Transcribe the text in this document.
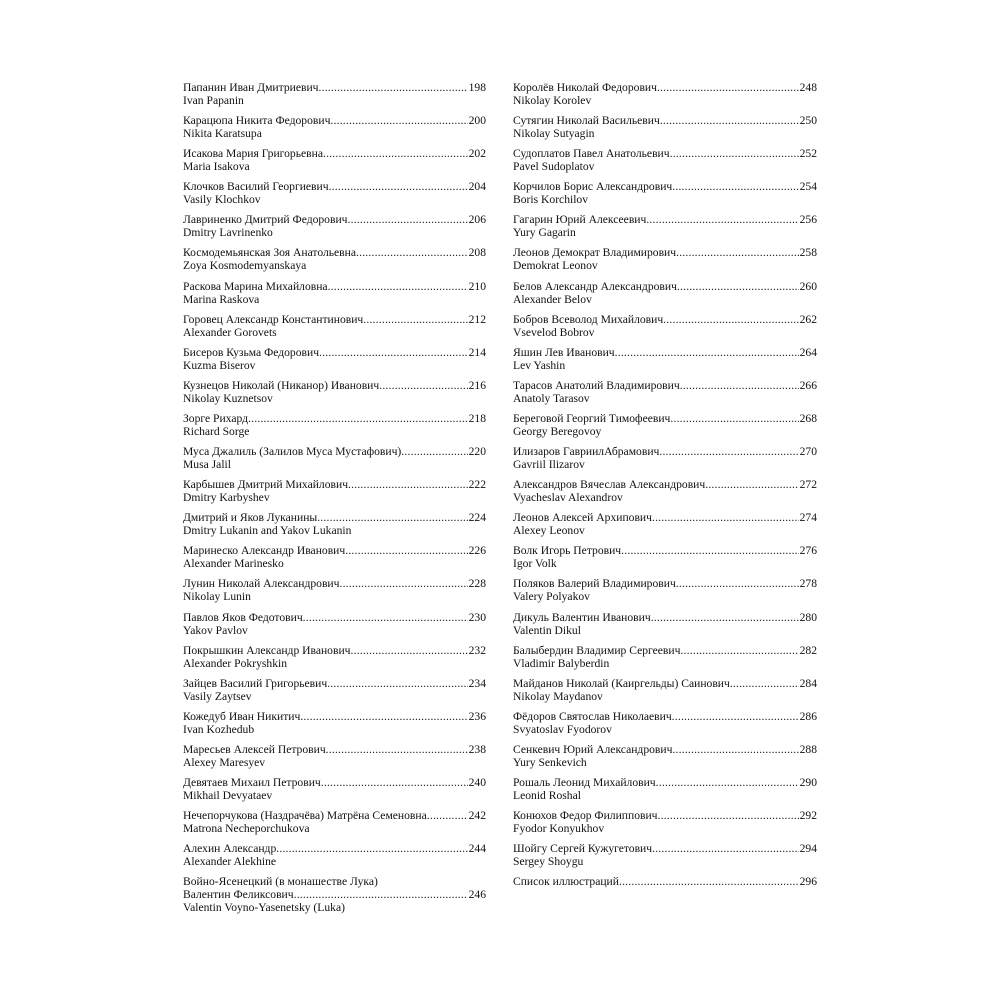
Папанин Иван Дмитриевич .....	198
Ivan Papanin
Карацюпа Никита Федорович .....	200
Nikita Karatsupa
Исакова Мария Григорьевна .....	202
Maria Isakova
Клочков Василий Георгиевич .....	204
Vasily Klochkov
Лавриненко Дмитрий Федорович .....	206
Dmitry Lavrinenko
Космодемьянская Зоя Анатольевна .....	208
Zoya Kosmodemyanskaya
Раскова Марина Михайловна .....	210
Marina Raskova
Горовец Александр Константинович .....	212
Alexander Gorovets
Бисеров Кузьма Федорович .....	214
Kuzma Biserov
Кузнецов Николай (Никанор) Иванович .....	216
Nikolay Kuznetsov
Зорге Рихард .....	218
Richard Sorge
Муса Джалиль (Залилов Муса Мустафович) .....	220
Musa Jalil
Карбышев Дмитрий Михайлович .....	222
Dmitry Karbyshev
Дмитрий и Яков Луканины .....	224
Dmitry Lukanin and Yakov Lukanin
Маринеско Александр Иванович .....	226
Alexander Marinesko
Лунин Николай Александрович .....	228
Nikolay Lunin
Павлов Яков Федотович .....	230
Yakov Pavlov
Покрышкин Александр Иванович .....	232
Alexander Pokryshkin
Зайцев Василий Григорьевич .....	234
Vasily Zaytsev
Кожедуб Иван Никитич .....	236
Ivan Kozhedub
Маресьев Алексей Петрович .....	238
Alexey Maresyev
Девятаев Михаил Петрович .....	240
Mikhail Devyataev
Нечепорчукова (Наздрачёва) Матрёна Семеновна .....	242
Matrona Necheporchukova
Алехин Александр .....	244
Alexander Alekhine
Войно-Ясенецкий (в монашестве Лука)
Валентин Феликсович .....	246
Valentin Voyno-Yasenetsky (Luka)
Королёв Николай Федорович .....	248
Nikolay Korolev
Сутягин Николай Васильевич .....	250
Nikolay Sutyagin
Судоплатов Павел Анатольевич .....	252
Pavel Sudoplatov
Корчилов Борис Александрович .....	254
Boris Korchilov
Гагарин Юрий Алексеевич .....	256
Yury Gagarin
Леонов Демократ Владимирович .....	258
Demokrat Leonov
Белов Александр Александрович .....	260
Alexander Belov
Бобров Всеволод Михайлович .....	262
Vsevelod Bobrov
Яшин Лев Иванович .....	264
Lev Yashin
Тарасов Анатолий Владимирович .....	266
Anatoly Tarasov
Береговой Георгий Тимофеевич .....	268
Georgy Beregovoy
Илизаров ГавриилАбрамович .....	270
Gavriil Ilizarov
Александров Вячеслав Александрович .....	272
Vyacheslav Alexandrov
Леонов Алексей Архипович .....	274
Alexey Leonov
Волк Игорь Петрович .....	276
Igor Volk
Поляков Валерий Владимирович .....	278
Valery Polyakov
Дикуль Валентин Иванович .....	280
Valentin Dikul
Балыбердин Владимир Сергеевич .....	282
Vladimir Balyberdin
Майданов Николай (Каиргельды) Саинович .....	284
Nikolay Maydanov
Фёдоров Святослав Николаевич .....	286
Svyatoslav Fyodorov
Сенкевич Юрий Александрович .....	288
Yury Senkevich
Рошаль Леонид Михайлович .....	290
Leonid Roshal
Конюхов Федор Филиппович .....	292
Fyodor Konyukhov
Шойгу Сергей Кужугетович .....	294
Sergey Shoygu
Список иллюстраций .....	296
